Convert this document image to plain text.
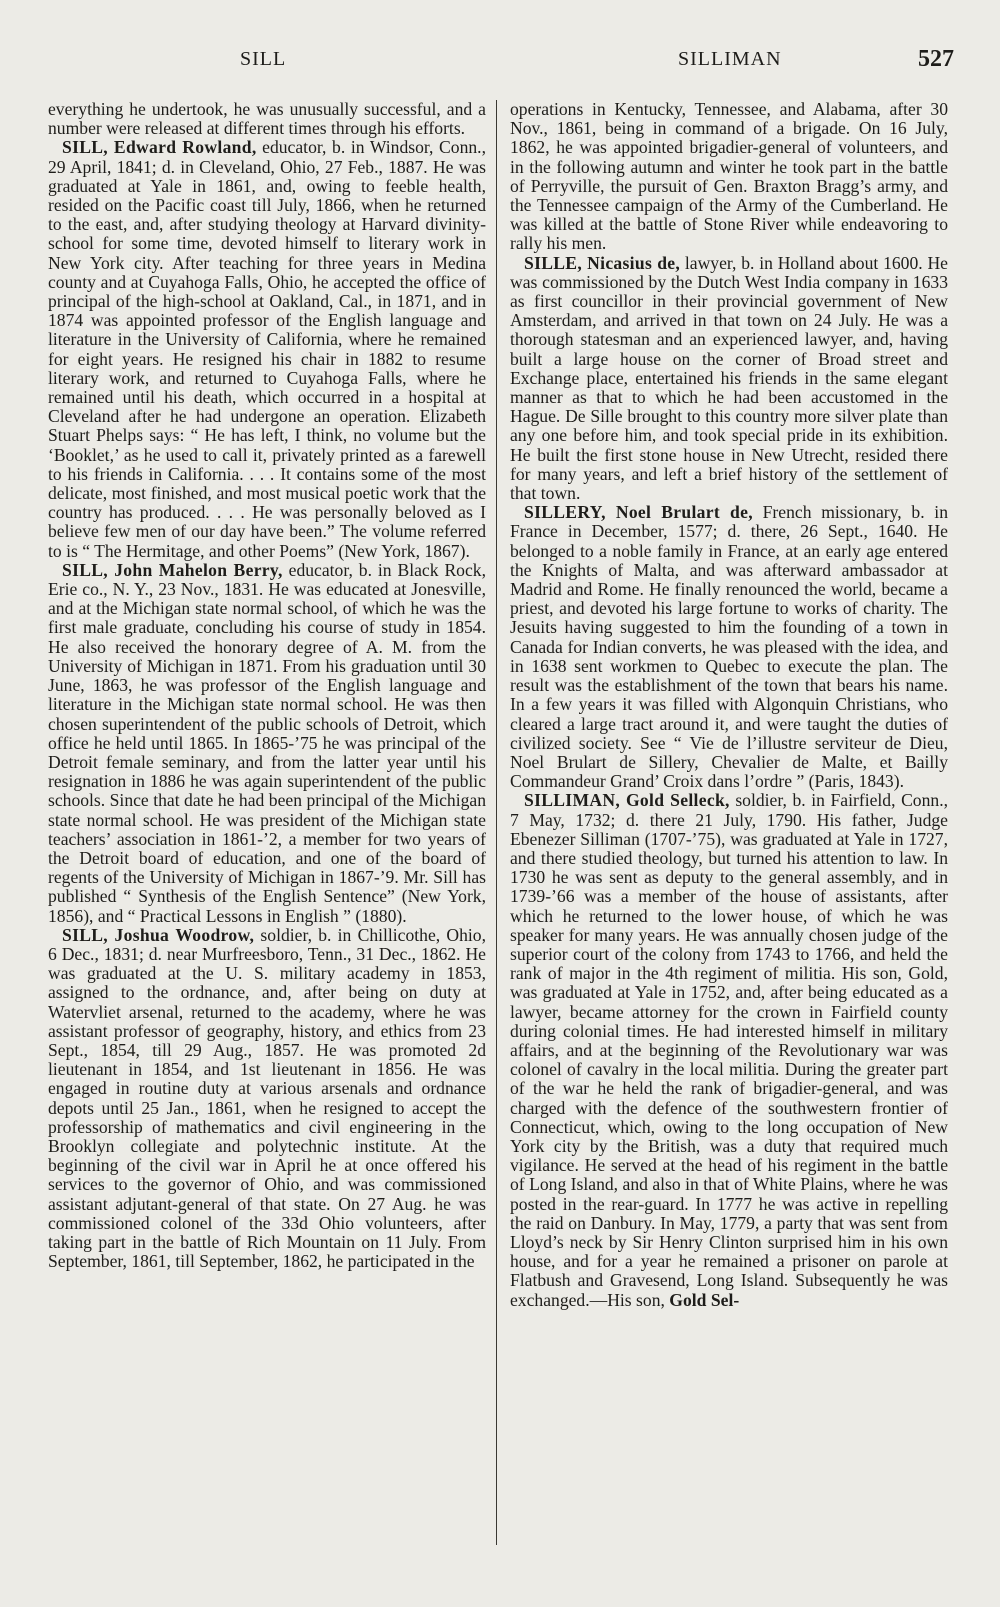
SILL	SILLIMAN	527

everything he undertook, he was unusually successful, and a number were released at different times through his efforts.

SILL, Edward Rowland, educator, b. in Windsor, Conn., 29 April, 1841; d. in Cleveland, Ohio, 27 Feb., 1887. He was graduated at Yale in 1861, and, owing to feeble health, resided on the Pacific coast till July, 1866, when he returned to the east, and, after studying theology at Harvard divinity-school for some time, devoted himself to literary work in New York city. After teaching for three years in Medina county and at Cuyahoga Falls, Ohio, he accepted the office of principal of the high-school at Oakland, Cal., in 1871, and in 1874 was appointed professor of the English language and literature in the University of California, where he remained for eight years. He resigned his chair in 1882 to resume literary work, and returned to Cuyahoga Falls, where he remained until his death, which occurred in a hospital at Cleveland after he had undergone an operation. Elizabeth Stuart Phelps says: “ He has left, I think, no volume but the ‘Booklet,’ as he used to call it, privately printed as a farewell to his friends in California. . . . It contains some of the most delicate, most finished, and most musical poetic work that the country has produced. . . . He was personally beloved as I believe few men of our day have been.” The volume referred to is “ The Hermitage, and other Poems” (New York, 1867).

SILL, John Mahelon Berry, educator, b. in Black Rock, Erie co., N. Y., 23 Nov., 1831. He was educated at Jonesville, and at the Michigan state normal school, of which he was the first male graduate, concluding his course of study in 1854. He also received the honorary degree of A. M. from the University of Michigan in 1871. From his graduation until 30 June, 1863, he was professor of the English language and literature in the Michigan state normal school. He was then chosen superintendent of the public schools of Detroit, which office he held until 1865. In 1865-’75 he was principal of the Detroit female seminary, and from the latter year until his resignation in 1886 he was again superintendent of the public schools. Since that date he had been principal of the Michigan state normal school. He was president of the Michigan state teachers’ association in 1861-’2, a member for two years of the Detroit board of education, and one of the board of regents of the University of Michigan in 1867-’9. Mr. Sill has published “ Synthesis of the English Sentence” (New York, 1856), and “ Practical Lessons in English ” (1880).

SILL, Joshua Woodrow, soldier, b. in Chillicothe, Ohio, 6 Dec., 1831; d. near Murfreesboro, Tenn., 31 Dec., 1862. He was graduated at the U. S. military academy in 1853, assigned to the ordnance, and, after being on duty at Watervliet arsenal, returned to the academy, where he was assistant professor of geography, history, and ethics from 23 Sept., 1854, till 29 Aug., 1857. He was promoted 2d lieutenant in 1854, and 1st lieutenant in 1856. He was engaged in routine duty at various arsenals and ordnance depots until 25 Jan., 1861, when he resigned to accept the professorship of mathematics and civil engineering in the Brooklyn collegiate and polytechnic institute. At the beginning of the civil war in April he at once offered his services to the governor of Ohio, and was commissioned assistant adjutant-general of that state. On 27 Aug. he was commissioned colonel of the 33d Ohio volunteers, after taking part in the battle of Rich Mountain on 11 July. From September, 1861, till September, 1862, he participated in the

operations in Kentucky, Tennessee, and Alabama, after 30 Nov., 1861, being in command of a brigade. On 16 July, 1862, he was appointed brigadier-general of volunteers, and in the following autumn and winter he took part in the battle of Perryville, the pursuit of Gen. Braxton Bragg’s army, and the Tennessee campaign of the Army of the Cumberland. He was killed at the battle of Stone River while endeavoring to rally his men.

SILLE, Nicasius de, lawyer, b. in Holland about 1600. He was commissioned by the Dutch West India company in 1633 as first councillor in their provincial government of New Amsterdam, and arrived in that town on 24 July. He was a thorough statesman and an experienced lawyer, and, having built a large house on the corner of Broad street and Exchange place, entertained his friends in the same elegant manner as that to which he had been accustomed in the Hague. De Sille brought to this country more silver plate than any one before him, and took special pride in its exhibition. He built the first stone house in New Utrecht, resided there for many years, and left a brief history of the settlement of that town.

SILLERY, Noel Brulart de, French missionary, b. in France in December, 1577; d. there, 26 Sept., 1640. He belonged to a noble family in France, at an early age entered the Knights of Malta, and was afterward ambassador at Madrid and Rome. He finally renounced the world, became a priest, and devoted his large fortune to works of charity. The Jesuits having suggested to him the founding of a town in Canada for Indian converts, he was pleased with the idea, and in 1638 sent workmen to Quebec to execute the plan. The result was the establishment of the town that bears his name. In a few years it was filled with Algonquin Christians, who cleared a large tract around it, and were taught the duties of civilized society. See “ Vie de l’illustre serviteur de Dieu, Noel Brulart de Sillery, Chevalier de Malte, et Bailly Commandeur Grand’ Croix dans l’ordre ” (Paris, 1843).

SILLIMAN, Gold Selleck, soldier, b. in Fairfield, Conn., 7 May, 1732; d. there 21 July, 1790. His father, Judge Ebenezer Silliman (1707-’75), was graduated at Yale in 1727, and there studied theology, but turned his attention to law. In 1730 he was sent as deputy to the general assembly, and in 1739-’66 was a member of the house of assistants, after which he returned to the lower house, of which he was speaker for many years. He was annually chosen judge of the superior court of the colony from 1743 to 1766, and held the rank of major in the 4th regiment of militia. His son, Gold, was graduated at Yale in 1752, and, after being educated as a lawyer, became attorney for the crown in Fairfield county during colonial times. He had interested himself in military affairs, and at the beginning of the Revolutionary war was colonel of cavalry in the local militia. During the greater part of the war he held the rank of brigadier-general, and was charged with the defence of the southwestern frontier of Connecticut, which, owing to the long occupation of New York city by the British, was a duty that required much vigilance. He served at the head of his regiment in the battle of Long Island, and also in that of White Plains, where he was posted in the rear-guard. In 1777 he was active in repelling the raid on Danbury. In May, 1779, a party that was sent from Lloyd’s neck by Sir Henry Clinton surprised him in his own house, and for a year he remained a prisoner on parole at Flatbush and Gravesend, Long Island. Subsequently he was exchanged.—His son, Gold Sel-
